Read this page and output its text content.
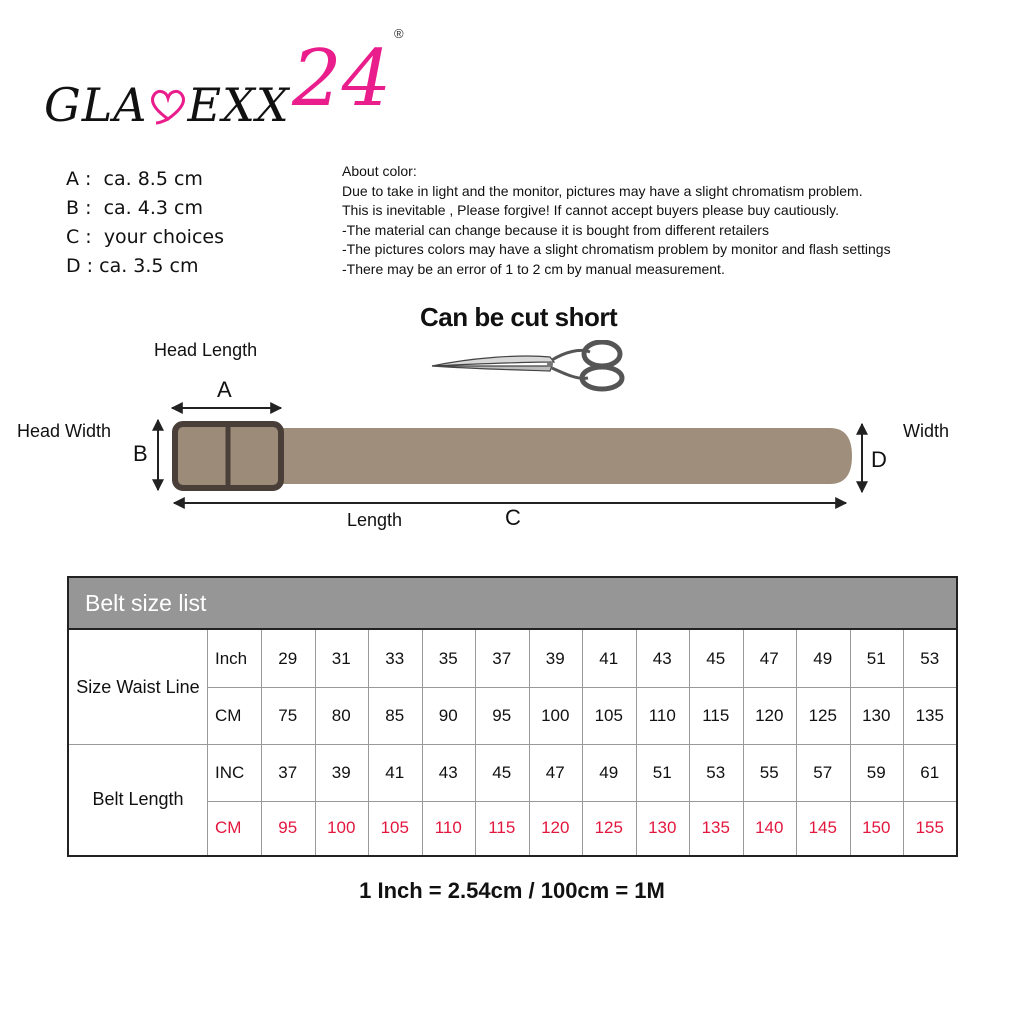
GLA EXX 24
®
A : ca. 8.5 cm
B : ca. 4.3 cm
C : your choices
D : ca. 3.5 cm
About color:
Due to take in light and the monitor, pictures may have a slight chromatism problem.
This is inevitable , Please forgive! If cannot accept buyers please buy cautiously.
-The material can change because it is bought from different retailers
-The pictures colors may have a slight chromatism problem by monitor and flash settings
-There may be an error of 1 to 2 cm by manual measurement.
Can be cut short
Head Length
A
Head Width
B
Width
D
Length	C
Belt size list
Size Waist Line
Belt Length
Inch	29	31	33	35	37	39	41	43	45	47	49	51	53
CM	75	80	85	90	95	100	105	110	115	120	125	130	135
INC	37	39	41	43	45	47	49	51	53	55	57	59	61
CM	95	100	105	110	115	120	125	130	135	140	145	150	155
1 Inch = 2.54cm / 100cm = 1M
